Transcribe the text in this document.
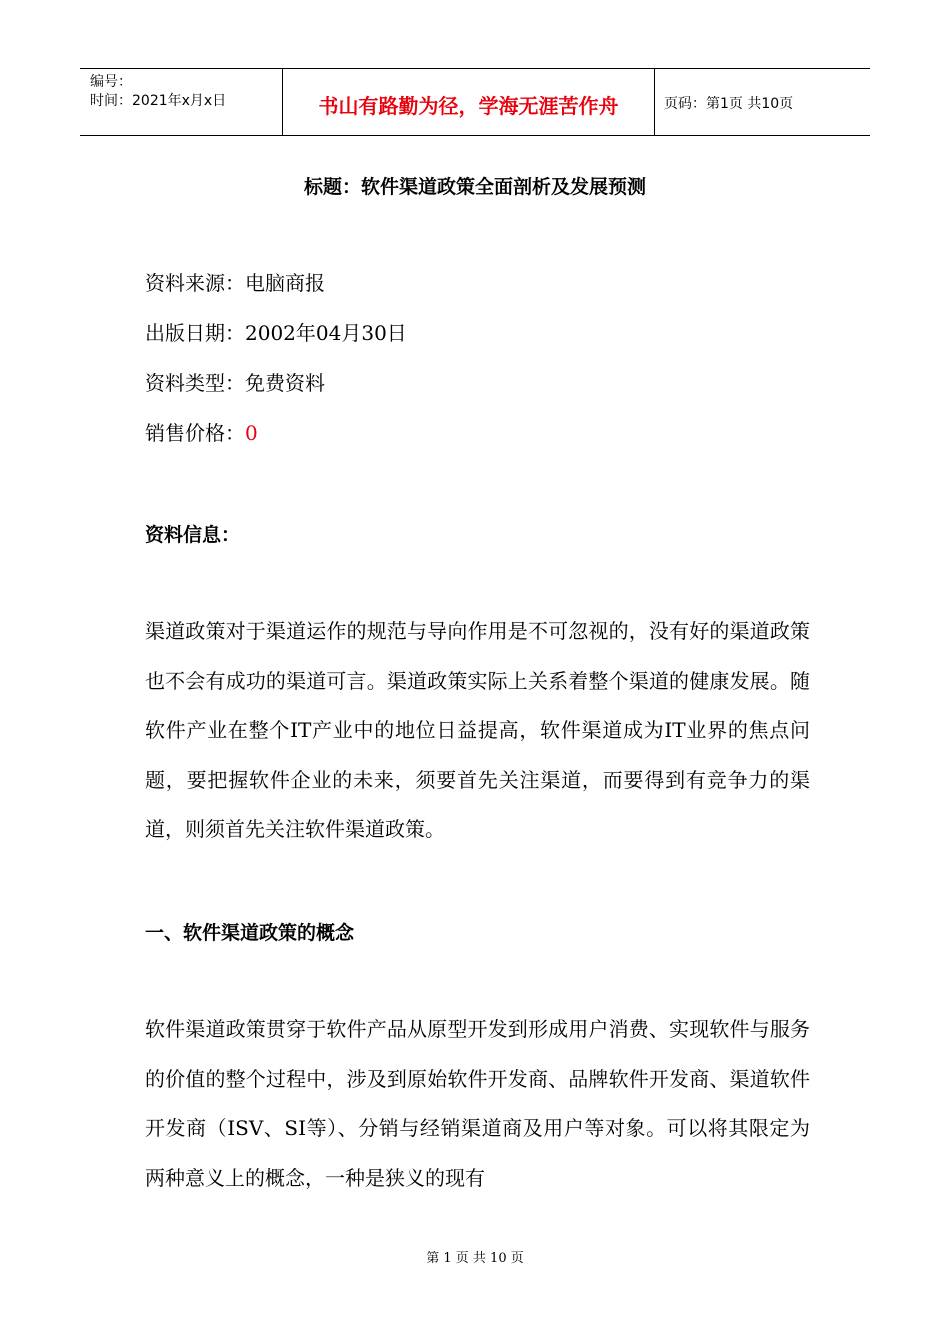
编号：
时间：2021年x月x日	书山有路勤为径，学海无涯苦作舟	页码：第1页 共10页
标题：软件渠道政策全面剖析及发展预测
资料来源：电脑商报
出版日期：2002年04月30日
资料类型：免费资料
销售价格：0
资料信息：
渠道政策对于渠道运作的规范与导向作用是不可忽视的，没有好的渠道政策也不会有成功的渠道可言。渠道政策实际上关系着整个渠道的健康发展。随软件产业在整个IT产业中的地位日益提高，软件渠道成为IT业界的焦点问题，要把握软件企业的未来，须要首先关注渠道，而要得到有竞争力的渠道，则须首先关注软件渠道政策。
一、软件渠道政策的概念
软件渠道政策贯穿于软件产品从原型开发到形成用户消费、实现软件与服务的价值的整个过程中，涉及到原始软件开发商、品牌软件开发商、渠道软件开发商（ISV、SI等）、分销与经销渠道商及用户等对象。可以将其限定为两种意义上的概念，一种是狭义的现有
第 1 页 共 10 页
